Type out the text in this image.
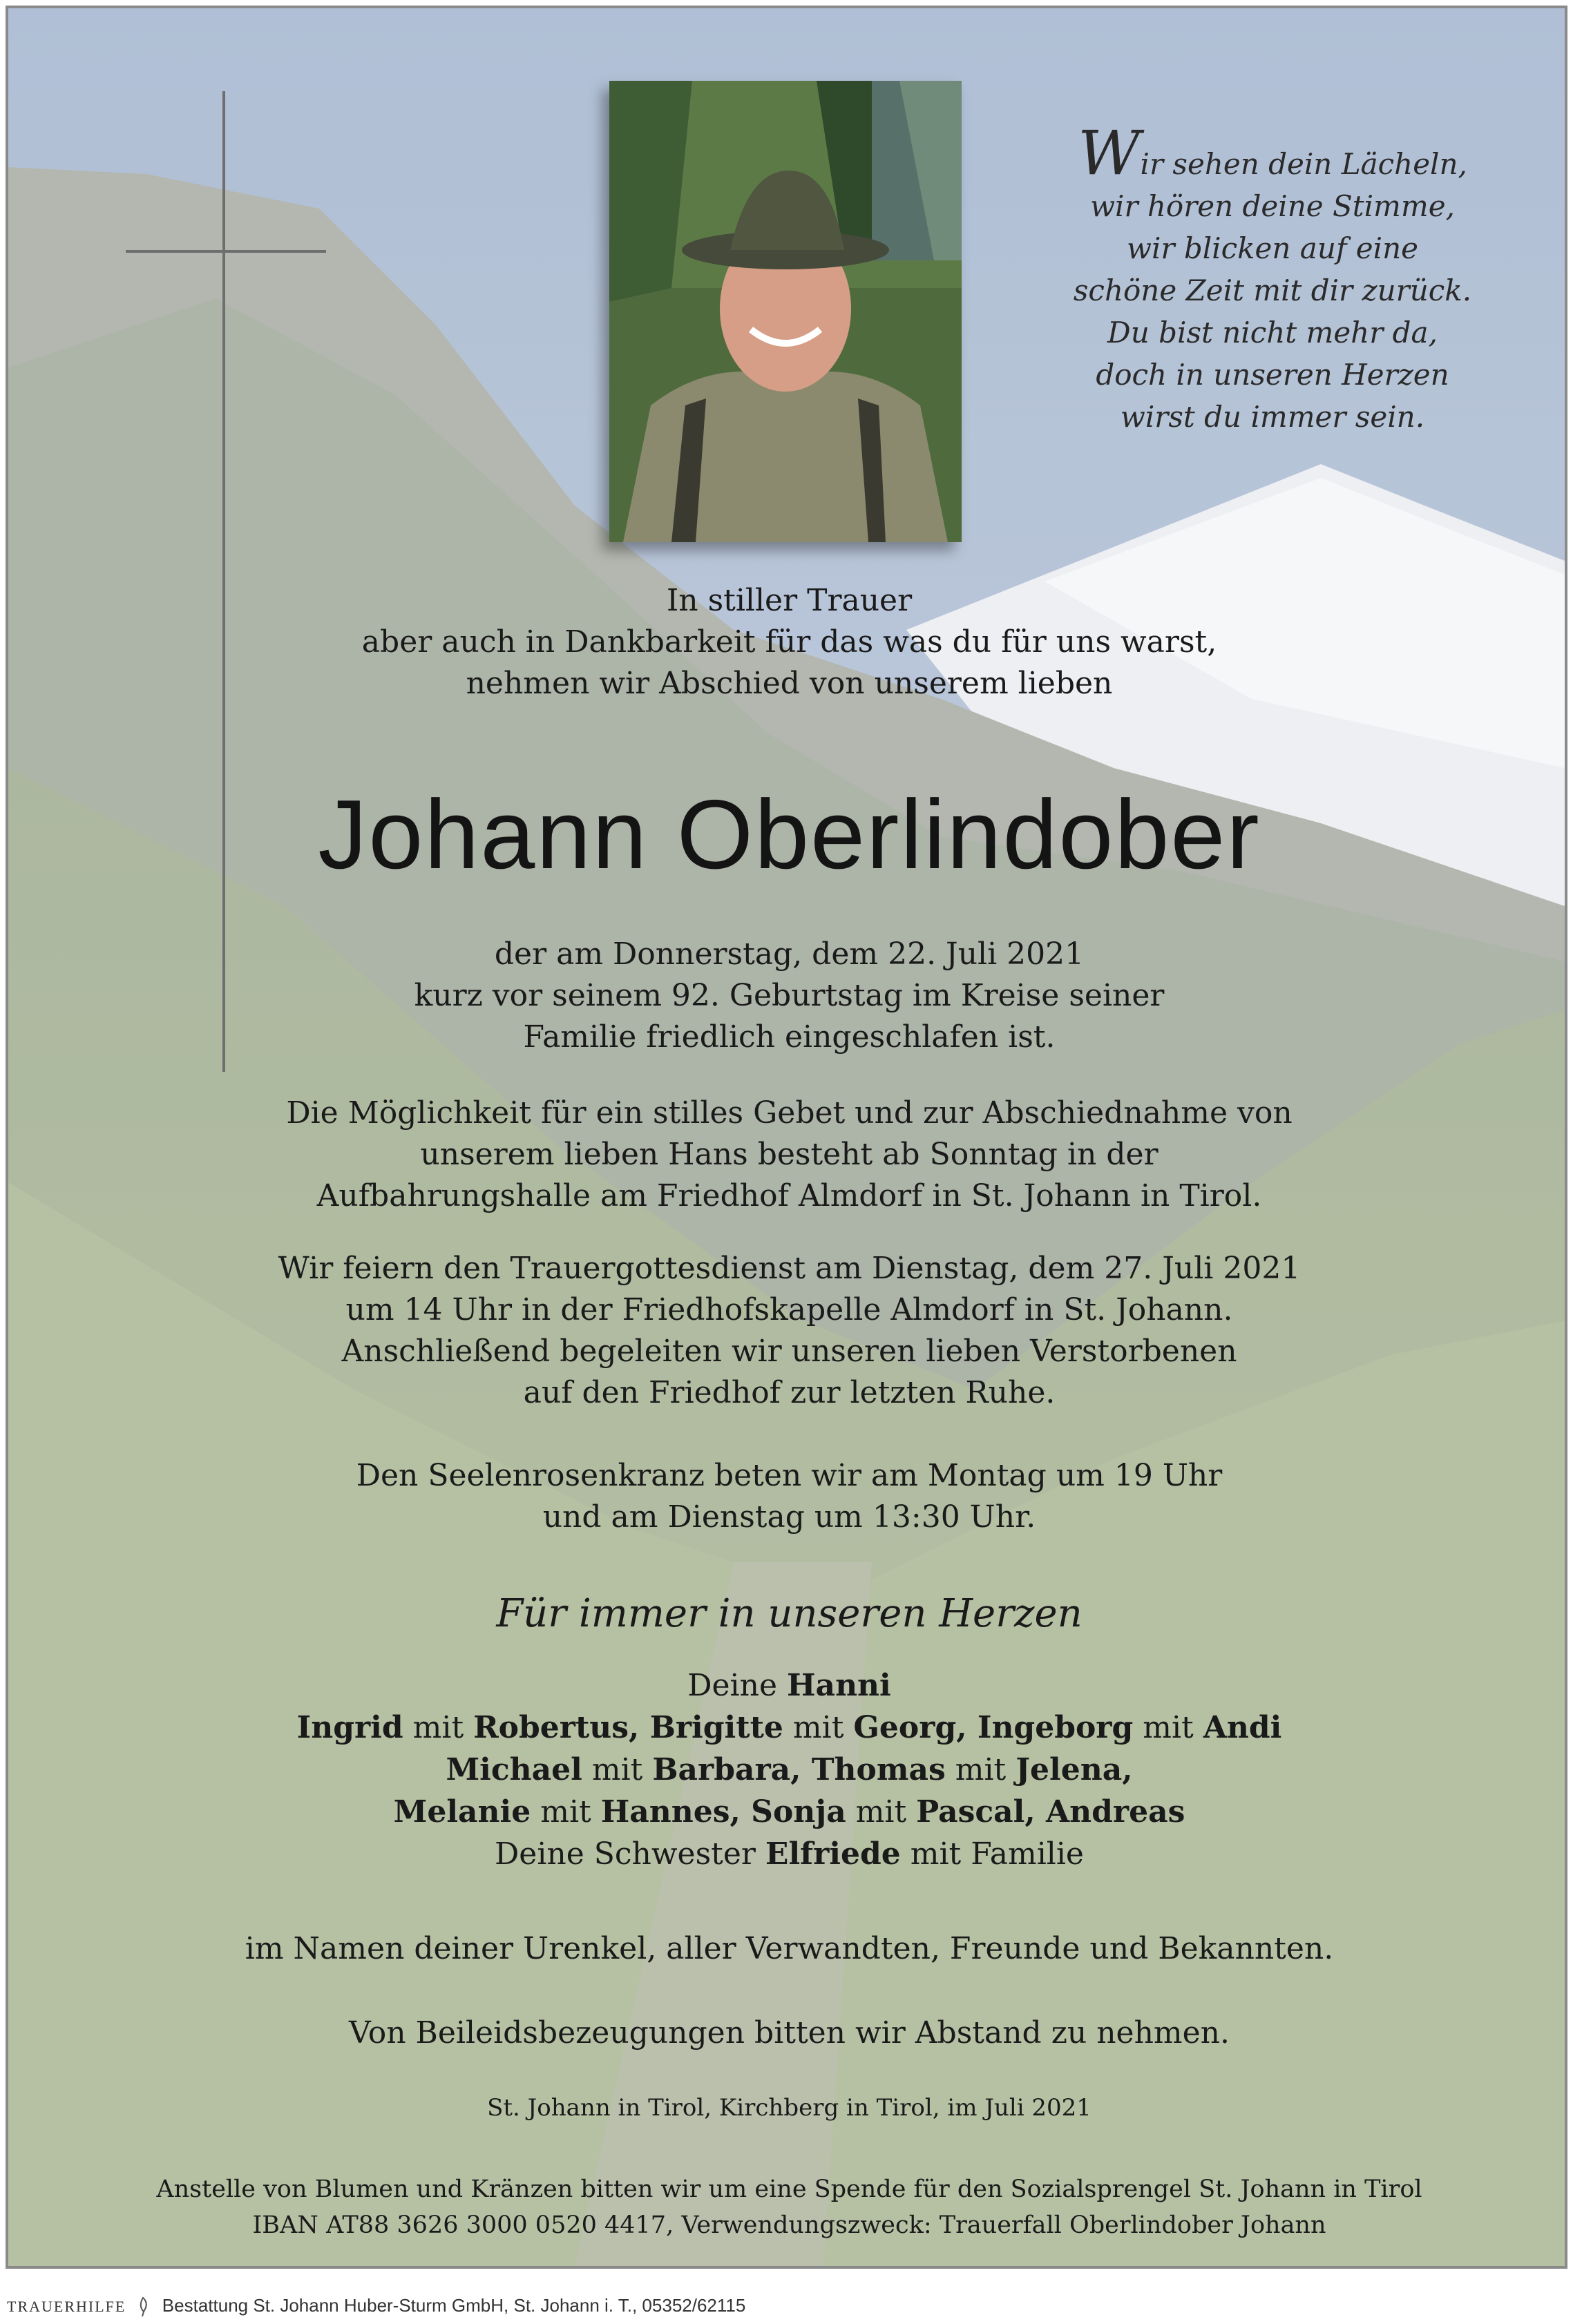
Wir sehen dein Lächeln,
wir hören deine Stimme,
wir blicken auf eine
schöne Zeit mit dir zurück.
Du bist nicht mehr da,
doch in unseren Herzen
wirst du immer sein.
In stiller Trauer
aber auch in Dankbarkeit für das was du für uns warst,
nehmen wir Abschied von unserem lieben
Johann Oberlindober
der am Donnerstag, dem 22. Juli 2021
kurz vor seinem 92. Geburtstag im Kreise seiner
Familie friedlich eingeschlafen ist.
Die Möglichkeit für ein stilles Gebet und zur Abschiednahme von
unserem lieben Hans besteht ab Sonntag in der
Aufbahrungshalle am Friedhof Almdorf in St. Johann in Tirol.
Wir feiern den Trauergottesdienst am Dienstag, dem 27. Juli 2021
um 14 Uhr in der Friedhofskapelle Almdorf in St. Johann.
Anschließend begeleiten wir unseren lieben Verstorbenen
auf den Friedhof zur letzten Ruhe.
Den Seelenrosenkranz beten wir am Montag um 19 Uhr
und am Dienstag um 13:30 Uhr.
Für immer in unseren Herzen
Deine Hanni
Ingrid mit Robertus, Brigitte mit Georg, Ingeborg mit Andi
Michael mit Barbara, Thomas mit Jelena,
Melanie mit Hannes, Sonja mit Pascal, Andreas
Deine Schwester Elfriede mit Familie
im Namen deiner Urenkel, aller Verwandten, Freunde und Bekannten.
Von Beileidsbezeugungen bitten wir Abstand zu nehmen.
St. Johann in Tirol, Kirchberg in Tirol, im Juli 2021
Anstelle von Blumen und Kränzen bitten wir um eine Spende für den Sozialsprengel St. Johann in Tirol
IBAN AT88 3626 3000 0520 4417, Verwendungszweck: Trauerfall Oberlindober Johann
TRAUERHILFE Bestattung St. Johann Huber-Sturm GmbH, St. Johann i. T., 05352/62115
